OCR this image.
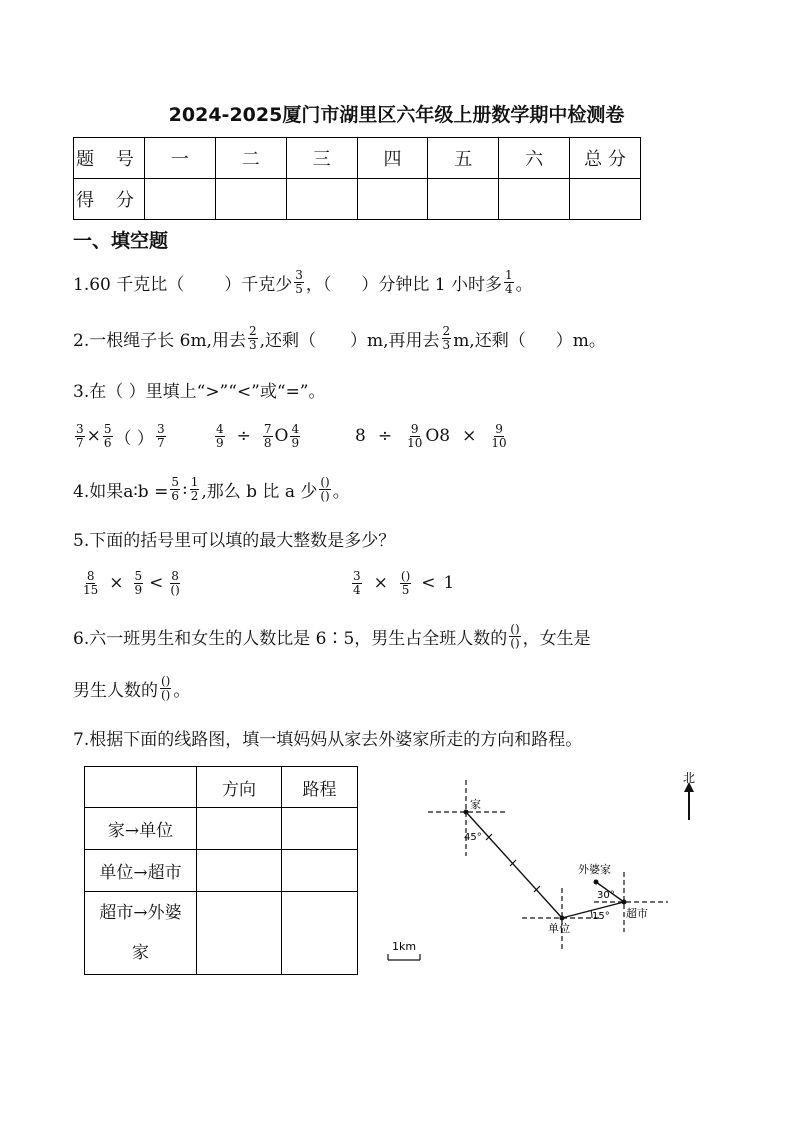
2024-2025厦门市湖里区六年级上册数学期中检测卷
题 号	一	二	三	四	五	六	总 分
得 分							
一、填空题
1.60 千克比（ ）千克少 $\frac{3}{5}$ ，（ ）分钟比 1 小时多 $\frac{1}{4}$ 。
2.一根绳子长 6m,用去 $\frac{2}{3}$ ,还剩（ ）m,再用去 $\frac{2}{3} m$,还剩（ ）m。
3.在（ ）里填上“>”“<”或“=”。
$\frac{3}{7} \times \frac{5}{6}$ （ ） $\frac{3}{7}$	$\frac{4}{9} \div \frac{7}{8}$ O $\frac{4}{9}$	$8 \div \frac{9}{10} O8 \times \frac{9}{10}$
4.如果a∶b = $\frac{5}{6}$ : $\frac{1}{2}$ ,那么 b 比 a 少 $\frac{()}{()}$ 。
5.下面的括号里可以填的最大整数是多少？
$\frac{8}{15} \times \frac{5}{9} < \frac{8}{()}$	$\frac{3}{4} \times \frac{()}{5} < 1$
6.六一班男生和女生的人数比是 6∶5，男生占全班人数的 $\frac{()}{()}$ ，女生是
男生人数的 $\frac{()}{()}$ 。
7.根据下面的线路图，填一填妈妈从家去外婆家所走的方向和路程。
	方向	路程
家→单位		
单位→超市		
超市→外婆
家		
北
家
45°
单位
15° 超市
外婆家
30°
1km
